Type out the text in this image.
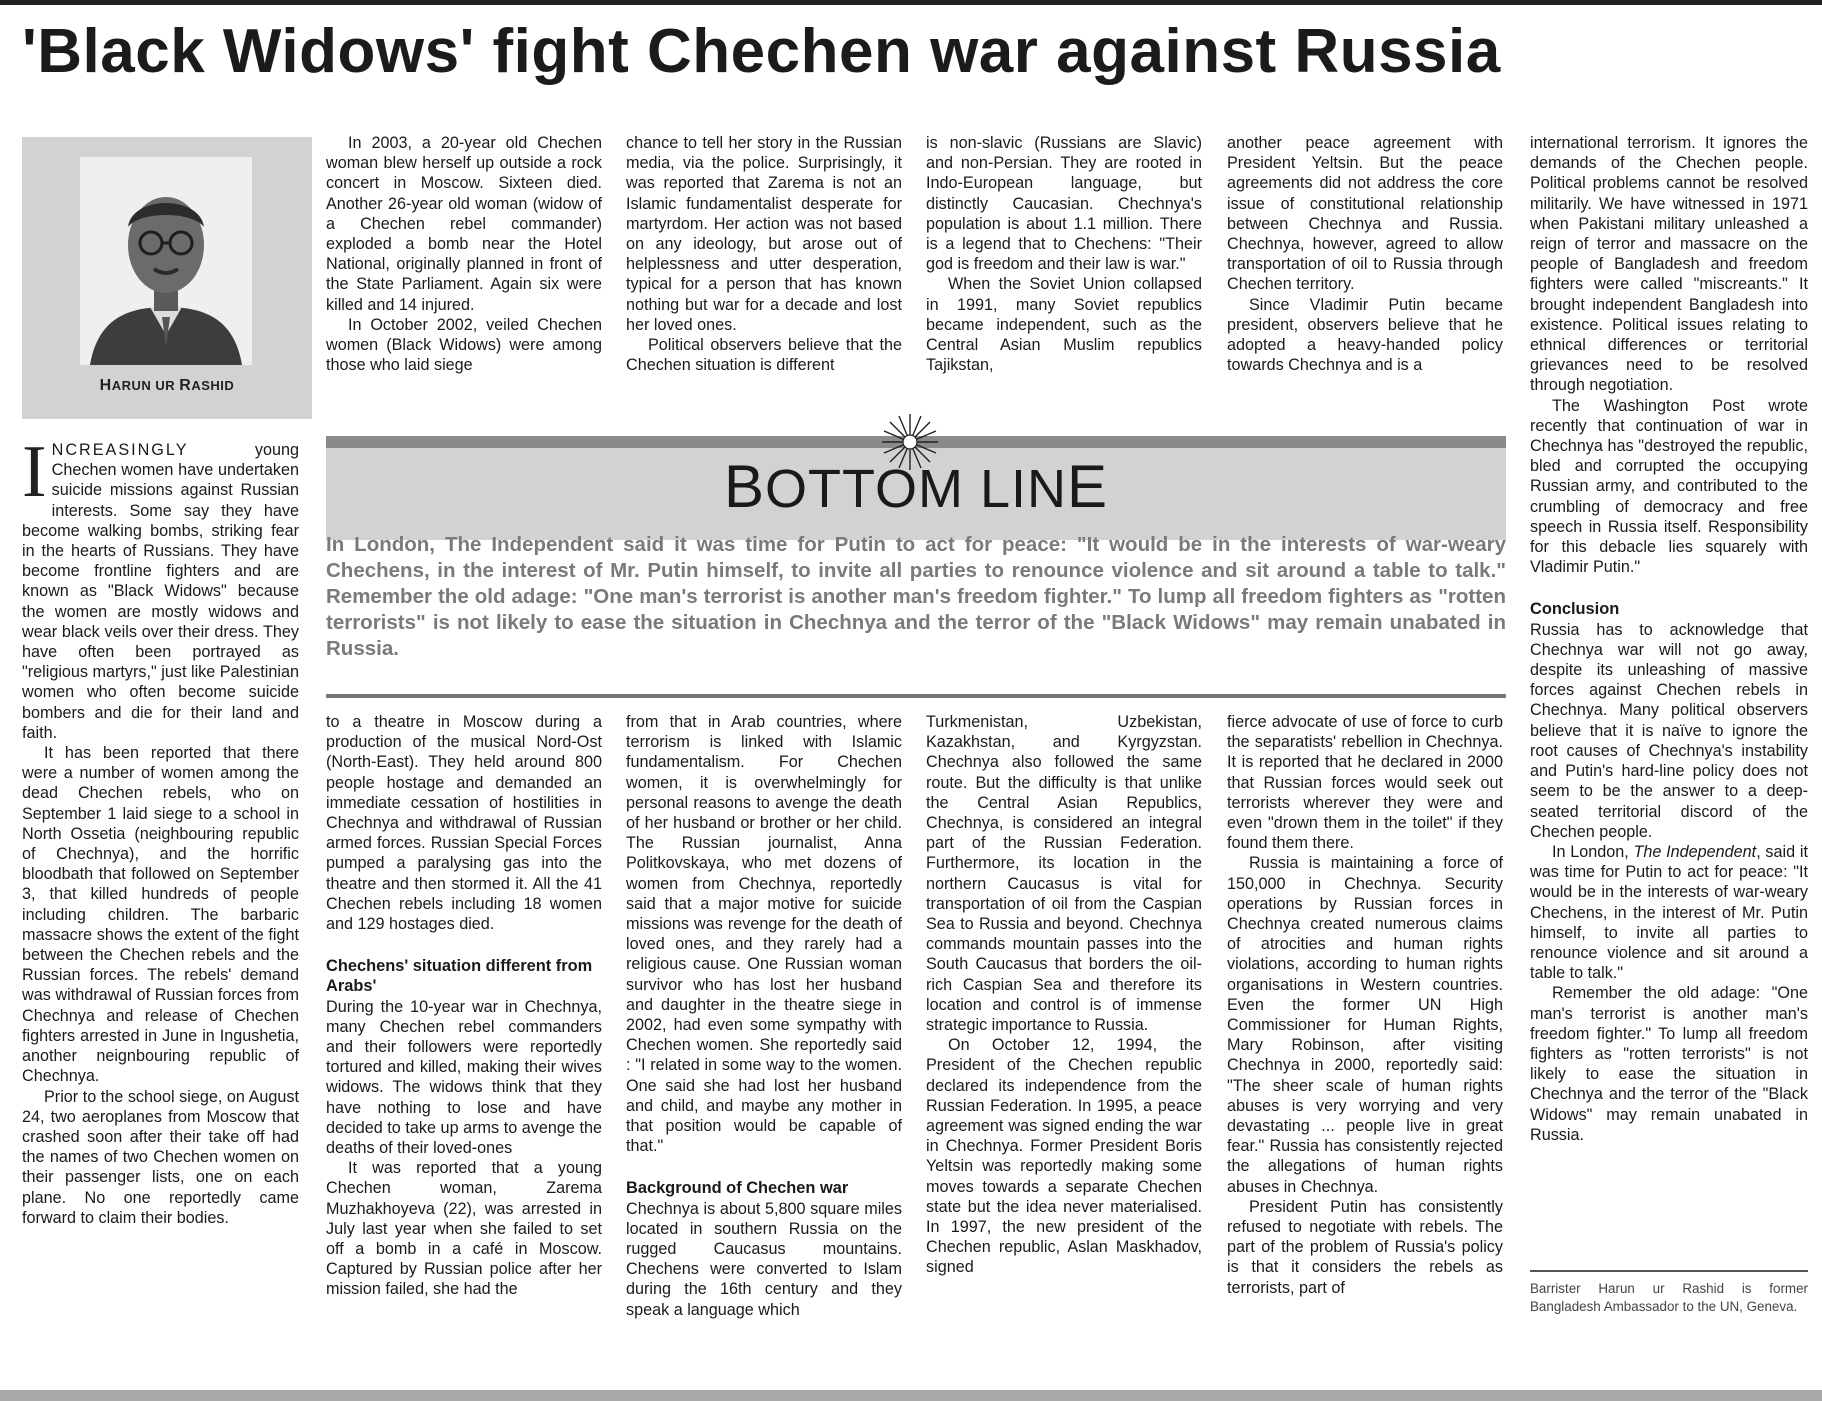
'Black Widows' fight Chechen war against Russia
HARUN UR RASHID

INCREASINGLY young Chechen women have undertaken suicide missions against Russian interests. Some say they have become walking bombs, striking fear in the hearts of Russians. They have become frontline fighters and are known as "Black Widows" because the women are mostly widows and wear black veils over their dress. They have often been portrayed as "religious martyrs," just like Palestinian women who often become suicide bombers and die for their land and faith.

It has been reported that there were a number of women among the dead Chechen rebels, who on September 1 laid siege to a school in North Ossetia (neighbouring republic of Chechnya), and the horrific bloodbath that followed on September 3, that killed hundreds of people including children. The barbaric massacre shows the extent of the fight between the Chechen rebels and the Russian forces. The rebels' demand was withdrawal of Russian forces from Chechnya and release of Chechen fighters arrested in June in Ingushetia, another neignbouring republic of Chechnya.

Prior to the school siege, on August 24, two aeroplanes from Moscow that crashed soon after their take off had the names of two Chechen women on their passenger lists, one on each plane. No one reportedly came forward to claim their bodies.

In 2003, a 20-year old Chechen woman blew herself up outside a rock concert in Moscow. Sixteen died. Another 26-year old woman (widow of a Chechen rebel commander) exploded a bomb near the Hotel National, originally planned in front of the State Parliament. Again six were killed and 14 injured.

In October 2002, veiled Chechen women (Black Widows) were among those who laid siege

chance to tell her story in the Russian media, via the police. Surprisingly, it was reported that Zarema is not an Islamic fundamentalist desperate for martyrdom. Her action was not based on any ideology, but arose out of helplessness and utter desperation, typical for a person that has known nothing but war for a decade and lost her loved ones.

Political observers believe that the Chechen situation is different

is non-slavic (Russians are Slavic) and non-Persian. They are rooted in Indo-European language, but distinctly Caucasian. Chechnya's population is about 1.1 million. There is a legend that to Chechens: "Their god is freedom and their law is war."

When the Soviet Union collapsed in 1991, many Soviet republics became independent, such as the Central Asian Muslim republics Tajikstan,

another peace agreement with President Yeltsin. But the peace agreements did not address the core issue of constitutional relationship between Chechnya and Russia. Chechnya, however, agreed to allow transportation of oil to Russia through Chechen territory.

Since Vladimir Putin became president, observers believe that he adopted a heavy-handed policy towards Chechnya and is a

BOTTOM LINE
In London, The Independent said it was time for Putin to act for peace: "It would be in the interests of war-weary Chechens, in the interest of Mr. Putin himself, to invite all parties to renounce violence and sit around a table to talk." Remember the old adage: "One man's terrorist is another man's freedom fighter." To lump all freedom fighters as "rotten terrorists" is not likely to ease the situation in Chechnya and the terror of the "Black Widows" may remain unabated in Russia.

to a theatre in Moscow during a production of the musical Nord-Ost (North-East). They held around 800 people hostage and demanded an immediate cessation of hostilities in Chechnya and withdrawal of Russian armed forces. Russian Special Forces pumped a paralysing gas into the theatre and then stormed it. All the 41 Chechen rebels including 18 women and 129 hostages died.

Chechens' situation different from Arabs'

During the 10-year war in Chechnya, many Chechen rebel commanders and their followers were reportedly tortured and killed, making their wives widows. The widows think that they have nothing to lose and have decided to take up arms to avenge the deaths of their loved-ones

It was reported that a young Chechen woman, Zarema Muzhakhoyeva (22), was arrested in July last year when she failed to set off a bomb in a café in Moscow. Captured by Russian police after her mission failed, she had the

from that in Arab countries, where terrorism is linked with Islamic fundamentalism. For Chechen women, it is overwhelmingly for personal reasons to avenge the death of her husband or brother or her child. The Russian journalist, Anna Politkovskaya, who met dozens of women from Chechnya, reportedly said that a major motive for suicide missions was revenge for the death of loved ones, and they rarely had a religious cause. One Russian woman survivor who has lost her husband and daughter in the theatre siege in 2002, had even some sympathy with Chechen women. She reportedly said : "I related in some way to the women. One said she had lost her husband and child, and maybe any mother in that position would be capable of that."

Background of Chechen war

Chechnya is about 5,800 square miles located in southern Russia on the rugged Caucasus mountains. Chechens were converted to Islam during the 16th century and they speak a language which

Turkmenistan, Uzbekistan, Kazakhstan, and Kyrgyzstan. Chechnya also followed the same route. But the difficulty is that unlike the Central Asian Republics, Chechnya, is considered an integral part of the Russian Federation. Furthermore, its location in the northern Caucasus is vital for transportation of oil from the Caspian Sea to Russia and beyond. Chechnya commands mountain passes into the South Caucasus that borders the oil-rich Caspian Sea and therefore its location and control is of immense strategic importance to Russia.

On October 12, 1994, the President of the Chechen republic declared its independence from the Russian Federation. In 1995, a peace agreement was signed ending the war in Chechnya. Former President Boris Yeltsin was reportedly making some moves towards a separate Chechen state but the idea never materialised. In 1997, the new president of the Chechen republic, Aslan Maskhadov, signed

fierce advocate of use of force to curb the separatists' rebellion in Chechnya. It is reported that he declared in 2000 that Russian forces would seek out terrorists wherever they were and even "drown them in the toilet" if they found them there.

Russia is maintaining a force of 150,000 in Chechnya. Security operations by Russian forces in Chechnya created numerous claims of atrocities and human rights violations, according to human rights organisations in Western countries. Even the former UN High Commissioner for Human Rights, Mary Robinson, after visiting Chechnya in 2000, reportedly said: "The sheer scale of human rights abuses is very worrying and very devastating ... people live in great fear." Russia has consistently rejected the allegations of human rights abuses in Chechnya.

President Putin has consistently refused to negotiate with rebels. The part of the problem of Russia's policy is that it considers the rebels as terrorists, part of

international terrorism. It ignores the demands of the Chechen people. Political problems cannot be resolved militarily. We have witnessed in 1971 when Pakistani military unleashed a reign of terror and massacre on the people of Bangladesh and freedom fighters were called "miscreants." It brought independent Bangladesh into existence. Political issues relating to ethnical differences or territorial grievances need to be resolved through negotiation.

The Washington Post wrote recently that continuation of war in Chechnya has "destroyed the republic, bled and corrupted the occupying Russian army, and contributed to the crumbling of democracy and free speech in Russia itself. Responsibility for this debacle lies squarely with Vladimir Putin."

Conclusion

Russia has to acknowledge that Chechnya war will not go away, despite its unleashing of massive forces against Chechen rebels in Chechnya. Many political observers believe that it is naïve to ignore the root causes of Chechnya's instability and Putin's hard-line policy does not seem to be the answer to a deep-seated territorial discord of the Chechen people.

In London, The Independent, said it was time for Putin to act for peace: "It would be in the interests of war-weary Chechens, in the interest of Mr. Putin himself, to invite all parties to renounce violence and sit around a table to talk."

Remember the old adage: "One man's terrorist is another man's freedom fighter." To lump all freedom fighters as "rotten terrorists" is not likely to ease the situation in Chechnya and the terror of the "Black Widows" may remain unabated in Russia.

Barrister Harun ur Rashid is former Bangladesh Ambassador to the UN, Geneva.
